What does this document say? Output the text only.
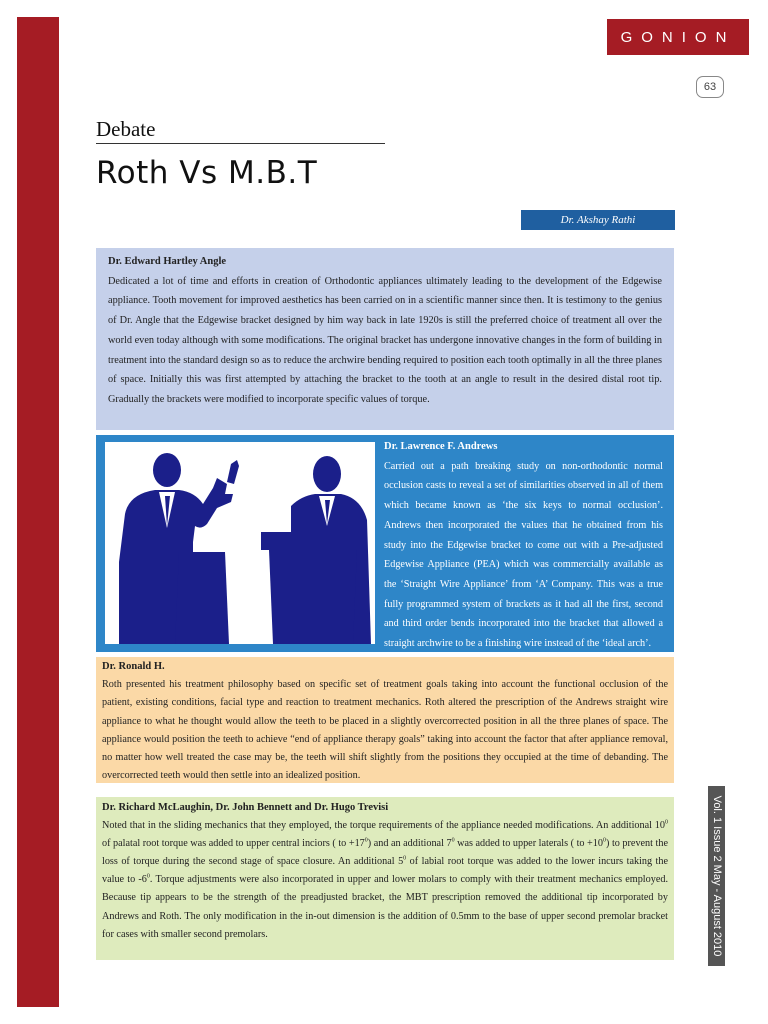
GONION
63
Debate
Roth Vs M.B.T
Dr. Akshay Rathi
Dr. Edward Hartley Angle
Dedicated a lot of time and efforts in creation of Orthodontic appliances ultimately leading to the development of the Edgewise appliance. Tooth movement for improved aesthetics has been carried on in a scientific manner since then. It is testimony to the genius of Dr. Angle that the Edgewise bracket designed by him way back in late 1920s is still the preferred choice of treatment all over the world even today although with some modifications. The original bracket has undergone innovative changes in the form of building in treatment into the standard design so as to reduce the archwire bending required to position each tooth optimally in all the three planes of space. Initially this was first attempted by attaching the bracket to the tooth at an angle to result in the desired distal root tip. Gradually the brackets were modified to incorporate specific values of torque.
Dr. Lawrence F. Andrews
Carried out a path breaking study on non-orthodontic normal occlusion casts to reveal a set of similarities observed in all of them which became known as ‘the six keys to normal occlusion’. Andrews then incorporated the values that he obtained from his study into the Edgewise bracket to come out with a Pre-adjusted Edgewise Appliance (PEA) which was commercially available as the ‘Straight Wire Appliance’ from ‘A’ Company. This was a true fully programmed system of brackets as it had all the first, second and third order bends incorporated into the bracket that allowed a straight archwire to be a finishing wire instead of the ‘ideal arch’.
Dr. Ronald H.
Roth presented his treatment philosophy based on specific set of treatment goals taking into account the functional occlusion of the patient, existing conditions, facial type and reaction to treatment mechanics. Roth altered the prescription of the Andrews straight wire appliance to what he thought would allow the teeth to be placed in a slightly overcorrected position in all the three planes of space. The appliance would position the teeth to achieve “end of appliance therapy goals” taking into account the factor that after appliance removal, no matter how well treated the case may be, the teeth will shift slightly from the positions they occupied at the time of debanding. The overcorrected teeth would then settle into an idealized position.
Dr. Richard McLaughin, Dr. John Bennett and Dr. Hugo Trevisi
Noted that in the sliding mechanics that they employed, the torque requirements of the appliance needed modifications. An additional $10^0$ of palatal root torque was added to upper central inciors ( to $+17^0$) and an additional $7^0$ was added to upper laterals ( to $+10^0$) to prevent the loss of torque during the second stage of space closure. An additional $5^0$ of labial root torque was added to the lower incurs taking the value to $-6^0$. Torque adjustments were also incorporated in upper and lower molars to comply with their treatment mechanics employed. Because tip appears to be the strength of the preadjusted bracket, the MBT prescription removed the additional tip incorporated by Andrews and Roth. The only modification in the in-out dimension is the addition of 0.5mm to the base of upper second premolar bracket for cases with smaller second premolars.	Vol. 1 Issue 2 May - August 2010
